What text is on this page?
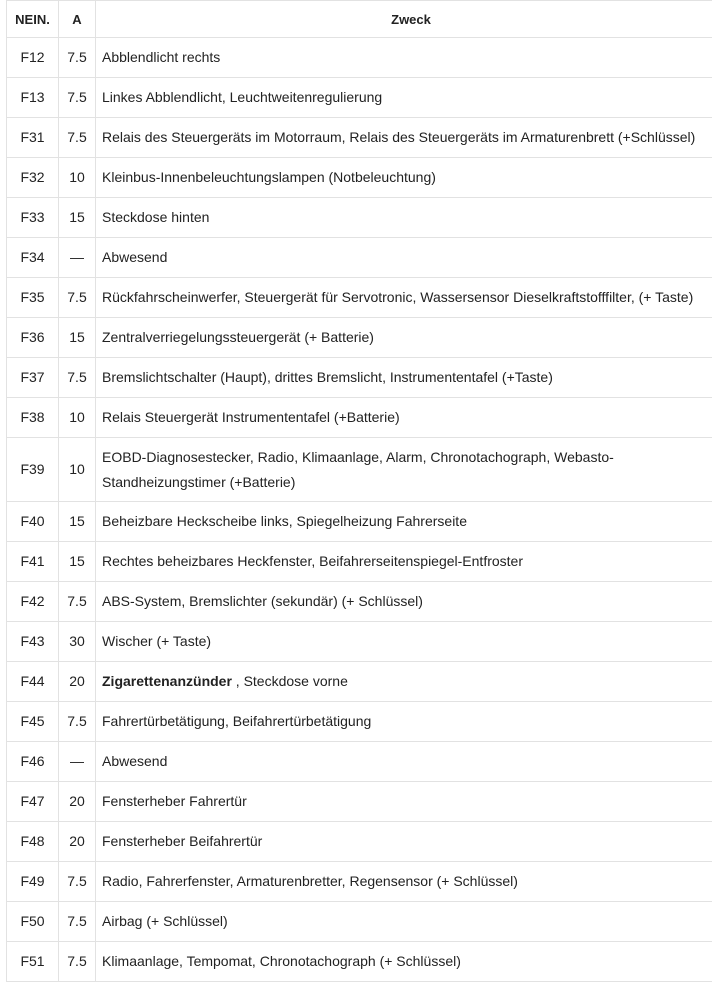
NEIN.	A	Zweck
F12	7.5	Abblendlicht rechts
F13	7.5	Linkes Abblendlicht, Leuchtweitenregulierung
F31	7.5	Relais des Steuergeräts im Motorraum, Relais des Steuergeräts im Armaturenbrett (+Schlüssel)
F32	10	Kleinbus-Innenbeleuchtungslampen (Notbeleuchtung)
F33	15	Steckdose hinten
F34	—	Abwesend
F35	7.5	Rückfahrscheinwerfer, Steuergerät für Servotronic, Wassersensor Dieselkraftstofffilter, (+ Taste)
F36	15	Zentralverriegelungssteuergerät (+ Batterie)
F37	7.5	Bremslichtschalter (Haupt), drittes Bremslicht, Instrumententafel (+Taste)
F38	10	Relais Steuergerät Instrumententafel (+Batterie)
F39	10	EOBD-Diagnosestecker, Radio, Klimaanlage, Alarm, Chronotachograph, Webasto-Standheizungstimer (+Batterie)
F40	15	Beheizbare Heckscheibe links, Spiegelheizung Fahrerseite
F41	15	Rechtes beheizbares Heckfenster, Beifahrerseitenspiegel-Entfroster
F42	7.5	ABS-System, Bremslichter (sekundär) (+ Schlüssel)
F43	30	Wischer (+ Taste)
F44	20	Zigarettenanzünder , Steckdose vorne
F45	7.5	Fahrertürbetätigung, Beifahrertürbetätigung
F46	—	Abwesend
F47	20	Fensterheber Fahrertür
F48	20	Fensterheber Beifahrertür
F49	7.5	Radio, Fahrerfenster, Armaturenbretter, Regensensor (+ Schlüssel)
F50	7.5	Airbag (+ Schlüssel)
F51	7.5	Klimaanlage, Tempomat, Chronotachograph (+ Schlüssel)
